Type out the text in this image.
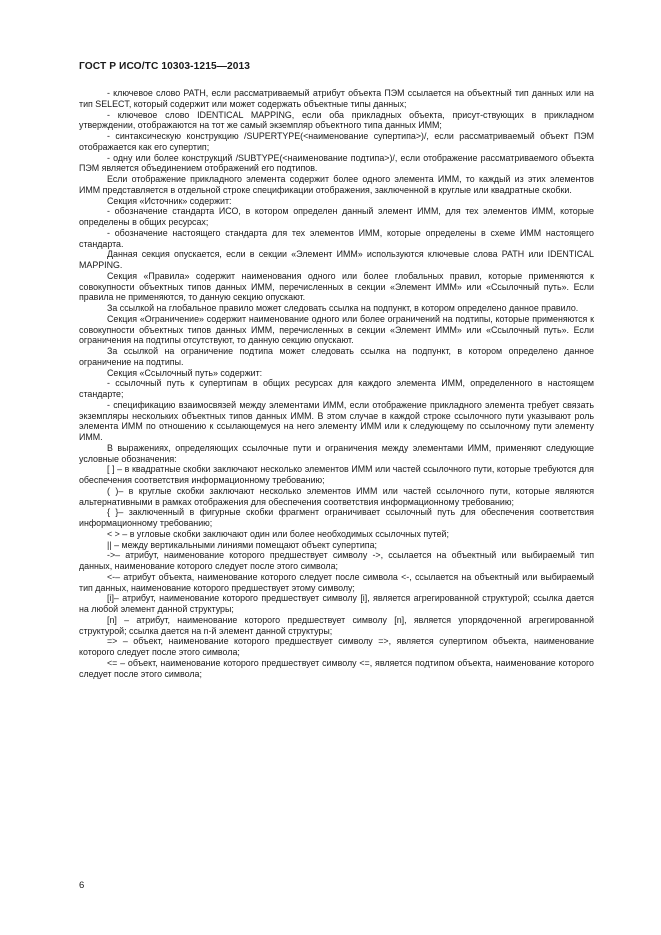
ГОСТ Р ИСО/ТС 10303-1215—2013

- ключевое слово PATH, если рассматриваемый атрибут объекта ПЭМ ссылается на объектный тип данных или на тип SELECT, который содержит или может содержать объектные типы данных;

- ключевое слово IDENTICAL MAPPING, если оба прикладных объекта, присут-ствующих в прикладном утверждении, отображаются на тот же самый экземпляр объектного типа данных ИММ;

- синтаксическую конструкцию /SUPERTYPE(<наименование супертипа>)/, если рассматриваемый объект ПЭМ отображается как его супертип;

- одну или более конструкций /SUBTYPE(<наименование подтипа>)/, если отображение рассматриваемого объекта ПЭМ является объединением отображений его подтипов.

Если отображение прикладного элемента содержит более одного элемента ИММ, то каждый из этих элементов ИММ представляется в отдельной строке спецификации отображения, заключенной в круглые или квадратные скобки.

Секция «Источник» содержит:

- обозначение стандарта ИСО, в котором определен данный элемент ИММ, для тех элементов ИММ, которые определены в общих ресурсах;

- обозначение настоящего стандарта для тех элементов ИММ, которые определены в схеме ИММ настоящего стандарта.

Данная секция опускается, если в секции «Элемент ИММ» используются ключевые слова PATH или IDENTICAL MAPPING.

Секция «Правила» содержит наименования одного или более глобальных правил, которые применяются к совокупности объектных типов данных ИММ, перечисленных в секции «Элемент ИММ» или «Ссылочный путь». Если правила не применяются, то данную секцию опускают.

За ссылкой на глобальное правило может следовать ссылка на подпункт, в котором определено данное правило.

Секция «Ограничение» содержит наименование одного или более ограничений на подтипы, которые применяются к совокупности объектных типов данных ИММ, перечисленных в секции «Элемент ИММ» или «Ссылочный путь». Если ограничения на подтипы отсутствуют, то данную секцию опускают.

За ссылкой на ограничение подтипа может следовать ссылка на подпункт, в котором определено данное ограничение на подтипы.

Секция «Ссылочный путь» содержит:

- ссылочный путь к супертипам в общих ресурсах для каждого элемента ИММ, определенного в настоящем стандарте;

- спецификацию взаимосвязей между элементами ИММ, если отображение прикладного элемента требует связать экземпляры нескольких объектных типов данных ИММ. В этом случае в каждой строке ссылочного пути указывают роль элемента ИММ по отношению к ссылающемуся на него элементу ИММ или к следующему по ссылочному пути элементу ИММ.

В выражениях, определяющих ссылочные пути и ограничения между элементами ИММ, применяют следующие условные обозначения:

[ ] – в квадратные скобки заключают несколько элементов ИММ или частей ссылочного пути, которые требуются для обеспечения соответствия информационному требованию;

( )– в круглые скобки заключают несколько элементов ИММ или частей ссылочного пути, которые являются альтернативными в рамках отображения для обеспечения соответствия информационному требованию;

{ }– заключенный в фигурные скобки фрагмент ограничивает ссылочный путь для обеспечения соответствия информационному требованию;

< > – в угловые скобки заключают один или более необходимых ссылочных путей;

|| – между вертикальными линиями помещают объект супертипа;

->– атрибут, наименование которого предшествует символу ->, ссылается на объектный или выбираемый тип данных, наименование которого следует после этого символа;

<-– атрибут объекта, наименование которого следует после символа <-, ссылается на объектный или выбираемый тип данных, наименование которого предшествует этому символу;

[i]– атрибут, наименование которого предшествует символу [i], является агрегированной структурой; ссылка дается на любой элемент данной структуры;

[n] – атрибут, наименование которого предшествует символу [n], является упорядоченной агрегированной структурой; ссылка дается на n-й элемент данной структуры;

=> – объект, наименование которого предшествует символу =>, является супертипом объекта, наименование которого следует после этого символа;

<= – объект, наименование которого предшествует символу <=, является подтипом объекта, наименование которого следует после этого символа;

6
